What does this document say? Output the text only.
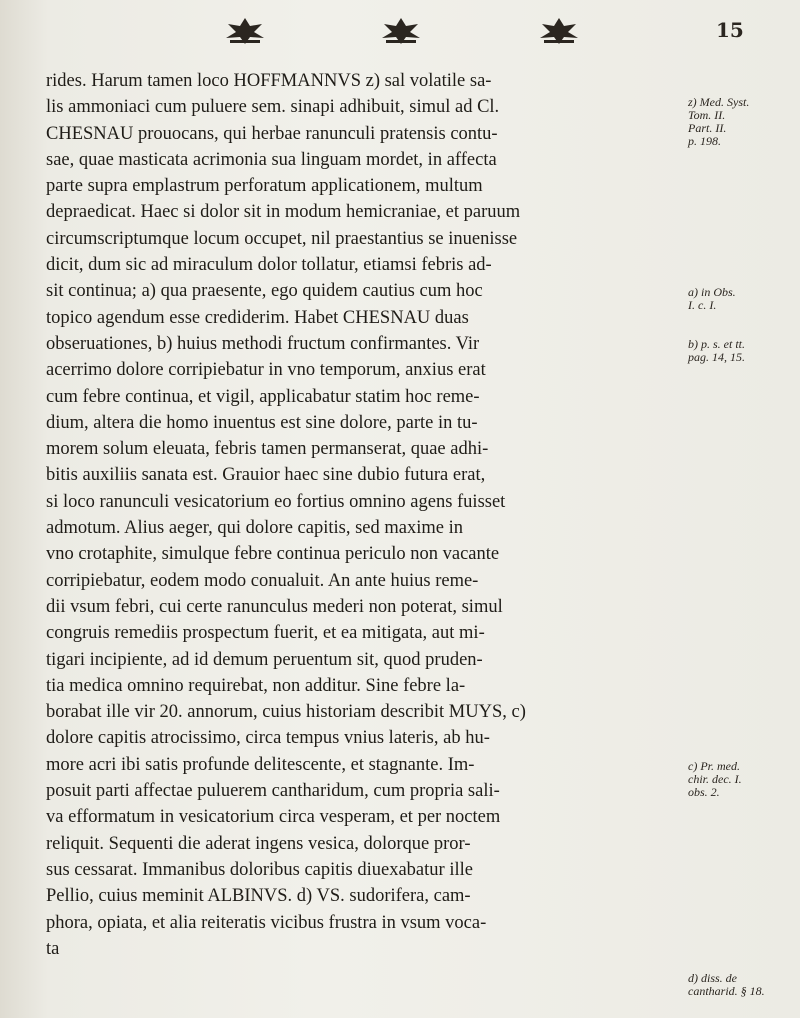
15
rides. Harum tamen loco HOFFMANNVS z) sal volatile sa-
lis ammoniaci cum puluere sem. sinapi adhibuit, simul ad Cl.
CHESNAU prouocans, qui herbae ranunculi pratensis contu-
sae, quae masticata acrimonia sua linguam mordet, in affecta
parte supra emplastrum perforatum applicationem, multum
depraedicat. Haec si dolor sit in modum hemicraniae, et paruum
circumscriptumque locum occupet, nil praestantius se inuenisse
dicit, dum sic ad miraculum dolor tollatur, etiamsi febris ad-
sit continua; a) qua praesente, ego quidem cautius cum hoc
topico agendum esse crediderim. Habet CHESNAU duas
obseruationes, b) huius methodi fructum confirmantes. Vir
acerrimo dolore corripiebatur in vno temporum, anxius erat
cum febre continua, et vigil, applicabatur statim hoc reme-
dium, altera die homo inuentus est sine dolore, parte in tu-
morem solum eleuata, febris tamen permanserat, quae adhi-
bitis auxiliis sanata est. Grauior haec sine dubio futura erat,
si loco ranunculi vesicatorium eo fortius omnino agens fuisset
admotum. Alius aeger, qui dolore capitis, sed maxime in
vno crotaphite, simulque febre continua periculo non vacante
corripiebatur, eodem modo conualuit. An ante huius reme-
dii vsum febri, cui certe ranunculus mederi non poterat, simul
congruis remediis prospectum fuerit, et ea mitigata, aut mi-
tigari incipiente, ad id demum peruentum sit, quod pruden-
tia medica omnino requirebat, non additur. Sine febre la-
borabat ille vir 20. annorum, cuius historiam describit MUYS, c)
dolore capitis atrocissimo, circa tempus vnius lateris, ab hu-
more acri ibi satis profunde delitescente, et stagnante. Im-
posuit parti affectae puluerem cantharidum, cum propria sali-
va efformatum in vesicatorium circa vesperam, et per noctem
reliquit. Sequenti die aderat ingens vesica, dolorque pror-
sus cessarat. Immanibus doloribus capitis diuexabatur ille
Pellio, cuius meminit ALBINVS. d) VS. sudorifera, cam-
phora, opiata, et alia reiteratis vicibus frustra in vsum voca-
ta
z) Med. Syst.
Tom. II.
Part. II.
p. 198.
a) in Obs.
I. c. I.
b) p. s. et tt.
pag. 14, 15.
c) Pr. med.
chir. dec. I.
obs. 2.
d) diss. de
cantharid. § 18.
